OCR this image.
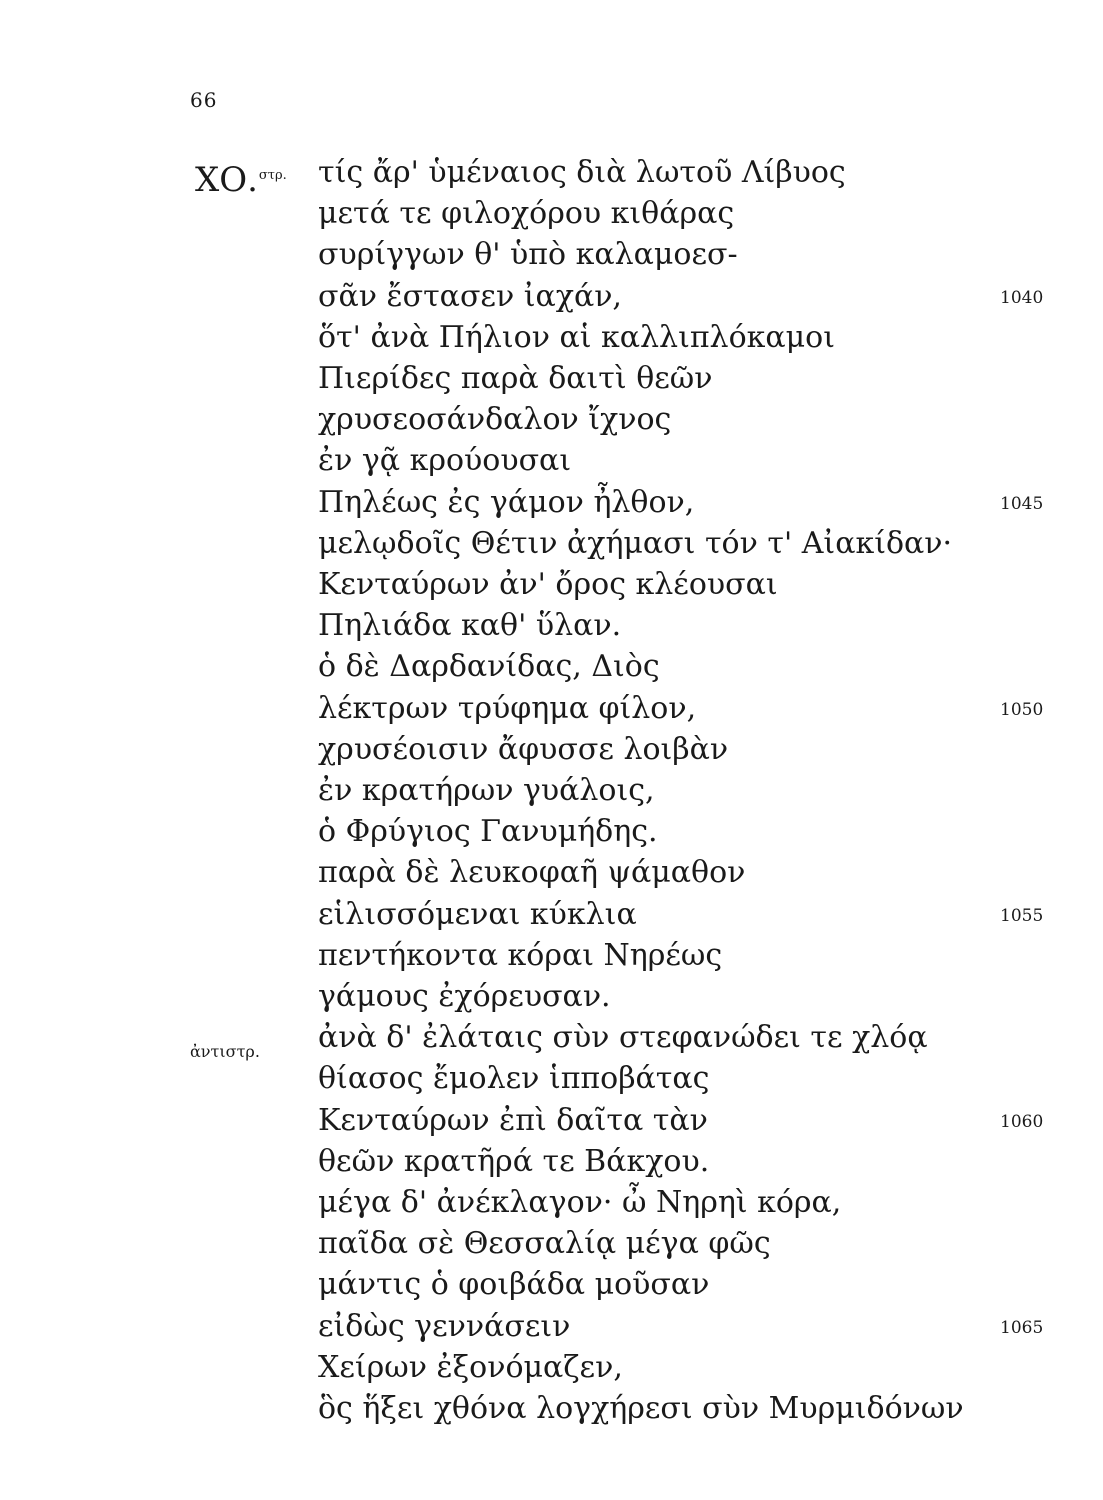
66
ΧΟ.$^{\sigma\tau\rho.}$
ἀντιστρ.
τίς ἄρ' ὑμέναιος διὰ λωτοῦ Λίβυος
μετά τε φιλοχόρου κιθάρας
συρίγγων θ' ὑπὸ καλαμοεσ-
σᾶν ἔστασεν ἰαχάν,	1040
ὅτ' ἀνὰ Πήλιον αἱ καλλιπλόκαμοι
Πιερίδες παρὰ δαιτὶ θεῶν
χρυσεοσάνδαλον ἴχνος
ἐν γᾷ κρούουσαι
Πηλέως ἐς γάμον ἦλθον,	1045
μελῳδοῖς Θέτιν ἀχήμασι τόν τ' Αἰακίδαν·
Κενταύρων ἀν' ὄρος κλέουσαι
Πηλιάδα καθ' ὕλαν.
ὁ δὲ Δαρδανίδας, Διὸς
λέκτρων τρύφημα φίλον,	1050
χρυσέοισιν ἄφυσσε λοιβὰν
ἐν κρατήρων γυάλοις,
ὁ Φρύγιος Γανυμήδης.
παρὰ δὲ λευκοφαῆ ψάμαθον
εἱλισσόμεναι κύκλια	1055
πεντήκοντα κόραι Νηρέως
γάμους ἐχόρευσαν.
ἀνὰ δ' ἐλάταις σὺν στεφανώδει τε χλόᾳ
θίασος ἔμολεν ἱπποβάτας
Κενταύρων ἐπὶ δαῖτα τὰν	1060
θεῶν κρατῆρά τε Βάκχου.
μέγα δ' ἀνέκλαγον· ὦ Νηρηὶ κόρα,
παῖδα σὲ Θεσσαλίᾳ μέγα φῶς
μάντις ὁ φοιβάδα μοῦσαν
εἰδὼς γεννάσειν	1065
Χείρων ἐξονόμαζεν,
ὃς ἥξει χθόνα λογχήρεσι σὺν Μυρμιδόνων
